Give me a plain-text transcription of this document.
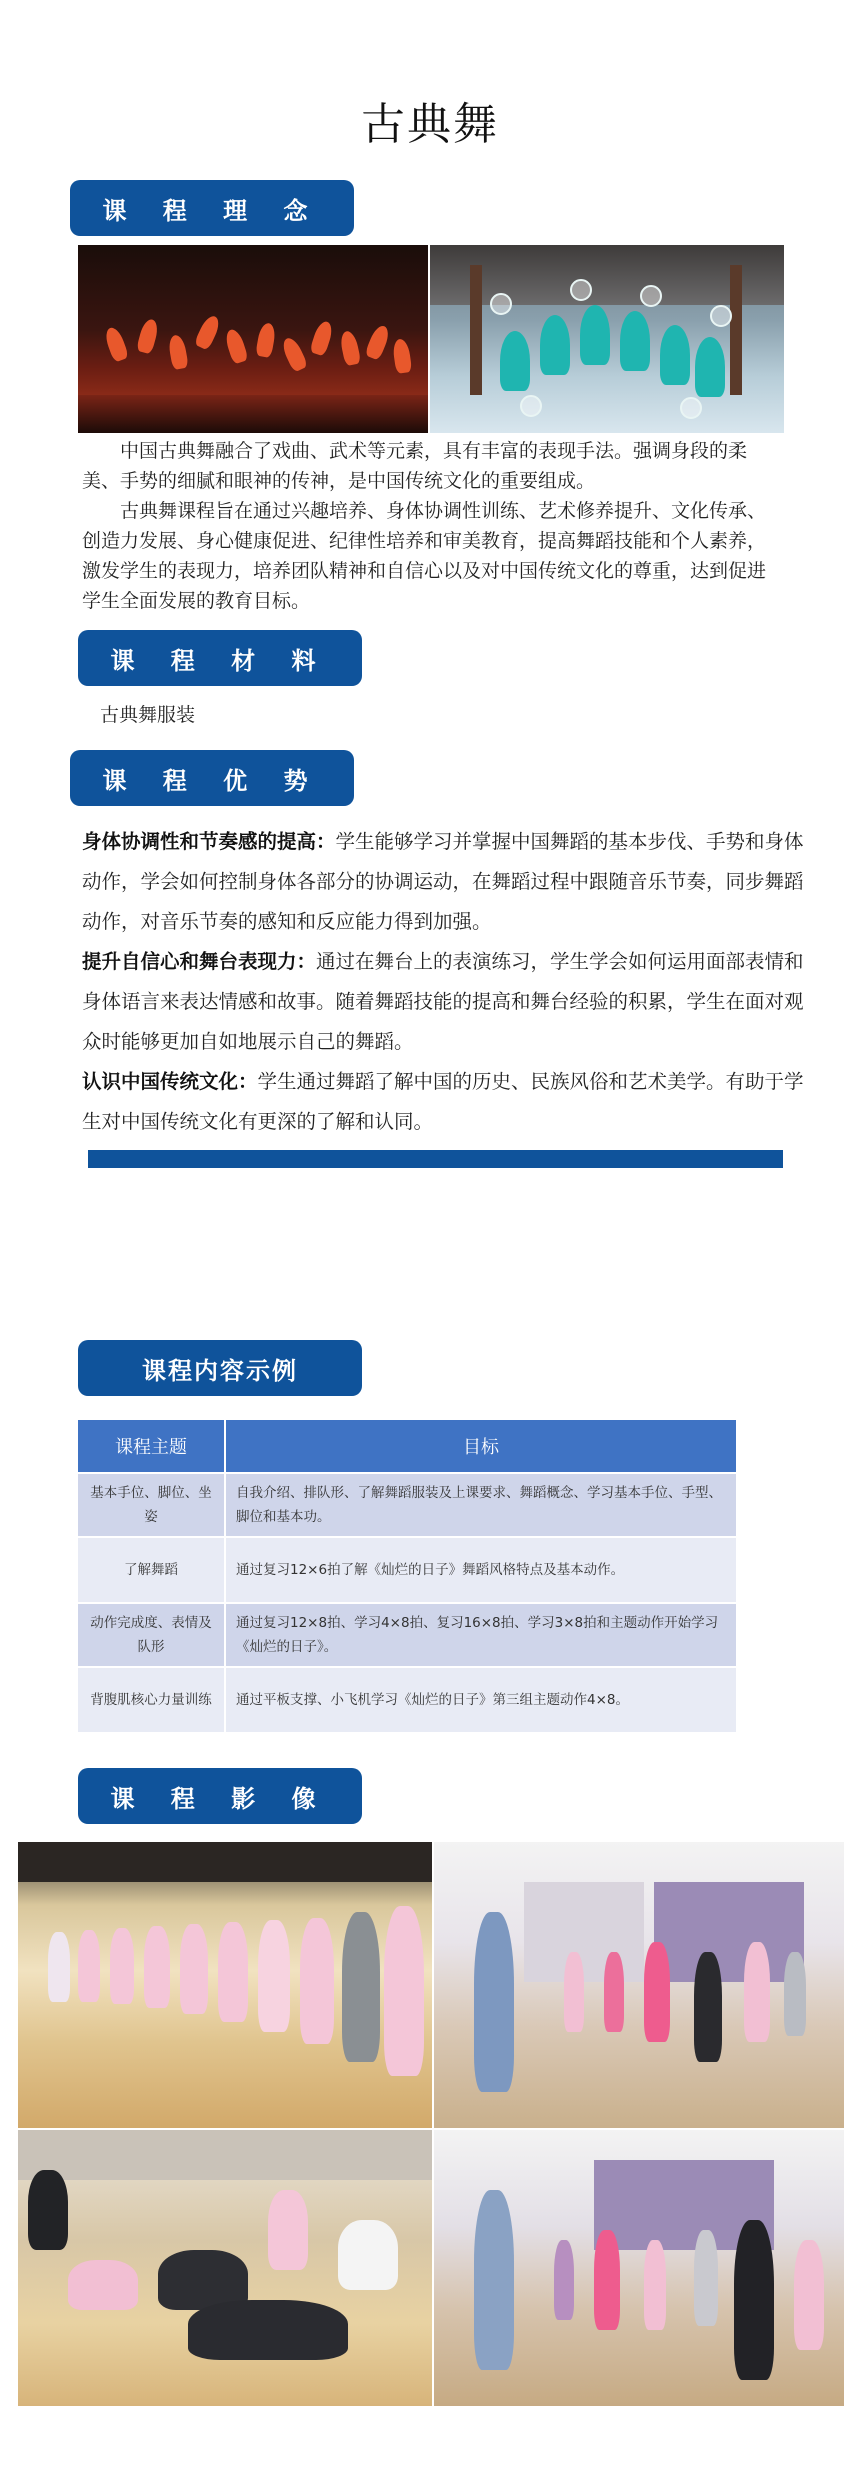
古典舞
课 程 理 念

中国古典舞融合了戏曲、武术等元素，具有丰富的表现手法。强调身段的柔美、手势的细腻和眼神的传神，是中国传统文化的重要组成。

古典舞课程旨在通过兴趣培养、身体协调性训练、艺术修养提升、文化传承、创造力发展、身心健康促进、纪律性培养和审美教育，提高舞蹈技能和个人素养，激发学生的表现力，培养团队精神和自信心以及对中国传统文化的尊重，达到促进学生全面发展的教育目标。

课 程 材 料
古典舞服装
课 程 优 势

身体协调性和节奏感的提高：学生能够学习并掌握中国舞蹈的基本步伐、手势和身体动作，学会如何控制身体各部分的协调运动，在舞蹈过程中跟随音乐节奏，同步舞蹈动作，对音乐节奏的感知和反应能力得到加强。

提升自信心和舞台表现力：通过在舞台上的表演练习，学生学会如何运用面部表情和身体语言来表达情感和故事。随着舞蹈技能的提高和舞台经验的积累，学生在面对观众时能够更加自如地展示自己的舞蹈。

认识中国传统文化：学生通过舞蹈了解中国的历史、民族风俗和艺术美学。有助于学生对中国传统文化有更深的了解和认同。

课程内容示例
课程主题	目标
基本手位、脚位、坐姿	自我介绍、排队形、了解舞蹈服装及上课要求、舞蹈概念、学习基本手位、手型、脚位和基本功。
了解舞蹈	通过复习12×6拍了解《灿烂的日子》舞蹈风格特点及基本动作。
动作完成度、表情及队形	通过复习12×8拍、学习4×8拍、复习16×8拍、学习3×8拍和主题动作开始学习《灿烂的日子》。
背腹肌核心力量训练	通过平板支撑、小飞机学习《灿烂的日子》第三组主题动作4×8。
课 程 影 像
